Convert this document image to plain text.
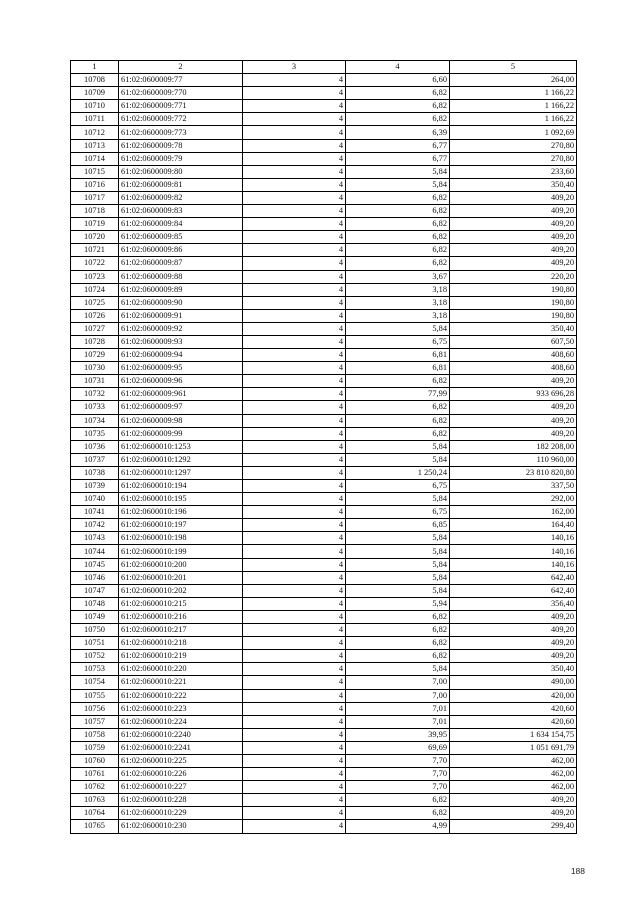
1	2	3	4	5
10708	61:02:0600009:77	4	6,60	264,00
10709	61:02:0600009:770	4	6,82	1 166,22
10710	61:02:0600009:771	4	6,82	1 166,22
10711	61:02:0600009:772	4	6,82	1 166,22
10712	61:02:0600009:773	4	6,39	1 092,69
10713	61:02:0600009:78	4	6,77	270,80
10714	61:02:0600009:79	4	6,77	270,80
10715	61:02:0600009:80	4	5,84	233,60
10716	61:02:0600009:81	4	5,84	350,40
10717	61:02:0600009:82	4	6,82	409,20
10718	61:02:0600009:83	4	6,82	409,20
10719	61:02:0600009:84	4	6,82	409,20
10720	61:02:0600009:85	4	6,82	409,20
10721	61:02:0600009:86	4	6,82	409,20
10722	61:02:0600009:87	4	6,82	409,20
10723	61:02:0600009:88	4	3,67	220,20
10724	61:02:0600009:89	4	3,18	190,80
10725	61:02:0600009:90	4	3,18	190,80
10726	61:02:0600009:91	4	3,18	190,80
10727	61:02:0600009:92	4	5,84	350,40
10728	61:02:0600009:93	4	6,75	607,50
10729	61:02:0600009:94	4	6,81	408,60
10730	61:02:0600009:95	4	6,81	408,60
10731	61:02:0600009:96	4	6,82	409,20
10732	61:02:0600009:961	4	77,99	933 696,28
10733	61:02:0600009:97	4	6,82	409,20
10734	61:02:0600009:98	4	6,82	409,20
10735	61:02:0600009:99	4	6,82	409,20
10736	61:02:0600010:1253	4	5,84	182 208,00
10737	61:02:0600010:1292	4	5,84	110 960,00
10738	61:02:0600010:1297	4	1 250,24	23 810 820,80
10739	61:02:0600010:194	4	6,75	337,50
10740	61:02:0600010:195	4	5,84	292,00
10741	61:02:0600010:196	4	6,75	162,00
10742	61:02:0600010:197	4	6,85	164,40
10743	61:02:0600010:198	4	5,84	140,16
10744	61:02:0600010:199	4	5,84	140,16
10745	61:02:0600010:200	4	5,84	140,16
10746	61:02:0600010:201	4	5,84	642,40
10747	61:02:0600010:202	4	5,84	642,40
10748	61:02:0600010:215	4	5,94	356,40
10749	61:02:0600010:216	4	6,82	409,20
10750	61:02:0600010:217	4	6,82	409,20
10751	61:02:0600010:218	4	6,82	409,20
10752	61:02:0600010:219	4	6,82	409,20
10753	61:02:0600010:220	4	5,84	350,40
10754	61:02:0600010:221	4	7,00	490,00
10755	61:02:0600010:222	4	7,00	420,00
10756	61:02:0600010:223	4	7,01	420,60
10757	61:02:0600010:224	4	7,01	420,60
10758	61:02:0600010:2240	4	39,95	1 634 154,75
10759	61:02:0600010:2241	4	69,69	1 051 691,79
10760	61:02:0600010:225	4	7,70	462,00
10761	61:02:0600010:226	4	7,70	462,00
10762	61:02:0600010:227	4	7,70	462,00
10763	61:02:0600010:228	4	6,82	409,20
10764	61:02:0600010:229	4	6,82	409,20
10765	61:02:0600010:230	4	4,99	299,40
188
